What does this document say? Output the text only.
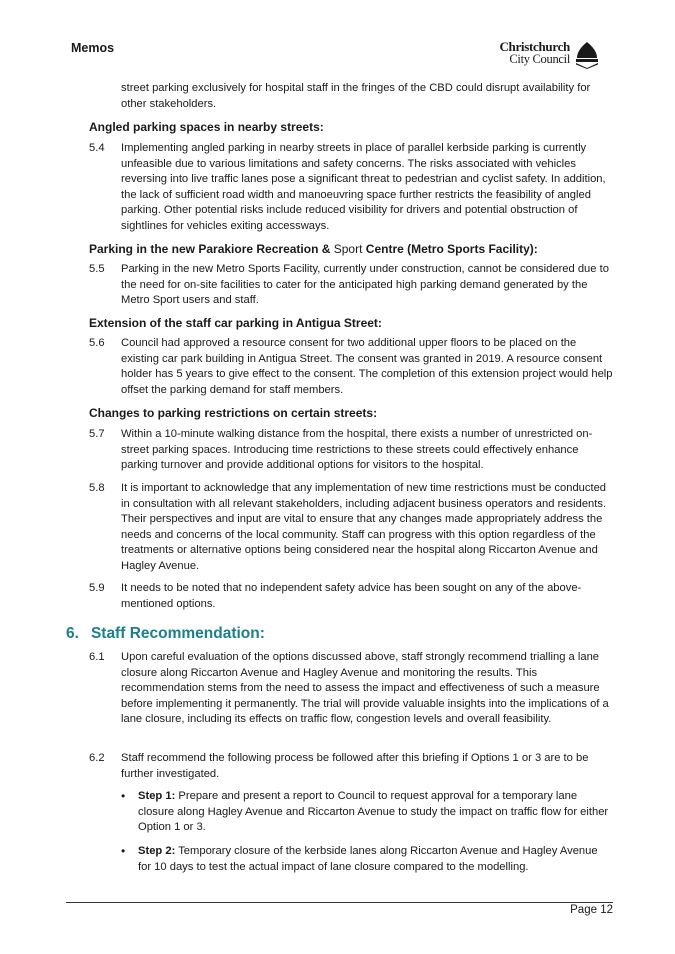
Memos	Christchurch
City Council

street parking exclusively for hospital staff in the fringes of the CBD could disrupt availability for other stakeholders.

Angled parking spaces in nearby streets:
5.4 Implementing angled parking in nearby streets in place of parallel kerbside parking is currently unfeasible due to various limitations and safety concerns. The risks associated with vehicles reversing into live traffic lanes pose a significant threat to pedestrian and cyclist safety. In addition, the lack of sufficient road width and manoeuvring space further restricts the feasibility of angled parking. Other potential risks include reduced visibility for drivers and potential obstruction of sightlines for vehicles exiting accessways.

Parking in the new Parakiore Recreation & Sport Centre (Metro Sports Facility):
5.5 Parking in the new Metro Sports Facility, currently under construction, cannot be considered due to the need for on-site facilities to cater for the anticipated high parking demand generated by the Metro Sport users and staff.

Extension of the staff car parking in Antigua Street:
5.6 Council had approved a resource consent for two additional upper floors to be placed on the existing car park building in Antigua Street. The consent was granted in 2019. A resource consent holder has 5 years to give effect to the consent. The completion of this extension project would help offset the parking demand for staff members.

Changes to parking restrictions on certain streets:
5.7 Within a 10-minute walking distance from the hospital, there exists a number of unrestricted on-street parking spaces. Introducing time restrictions to these streets could effectively enhance parking turnover and provide additional options for visitors to the hospital.

5.8 It is important to acknowledge that any implementation of new time restrictions must be conducted in consultation with all relevant stakeholders, including adjacent business operators and residents. Their perspectives and input are vital to ensure that any changes made appropriately address the needs and concerns of the local community. Staff can progress with this option regardless of the treatments or alternative options being considered near the hospital along Riccarton Avenue and Hagley Avenue.

5.9 It needs to be noted that no independent safety advice has been sought on any of the above-mentioned options.

6. Staff Recommendation:
6.1 Upon careful evaluation of the options discussed above, staff strongly recommend trialling a lane closure along Riccarton Avenue and Hagley Avenue and monitoring the results. This recommendation stems from the need to assess the impact and effectiveness of such a measure before implementing it permanently. The trial will provide valuable insights into the implications of a lane closure, including its effects on traffic flow, congestion levels and overall feasibility.

6.2 Staff recommend the following process be followed after this briefing if Options 1 or 3 are to be further investigated.

• Step 1: Prepare and present a report to Council to request approval for a temporary lane closure along Hagley Avenue and Riccarton Avenue to study the impact on traffic flow for either Option 1 or 3.
• Step 2: Temporary closure of the kerbside lanes along Riccarton Avenue and Hagley Avenue for 10 days to test the actual impact of lane closure compared to the modelling.
Page 12
